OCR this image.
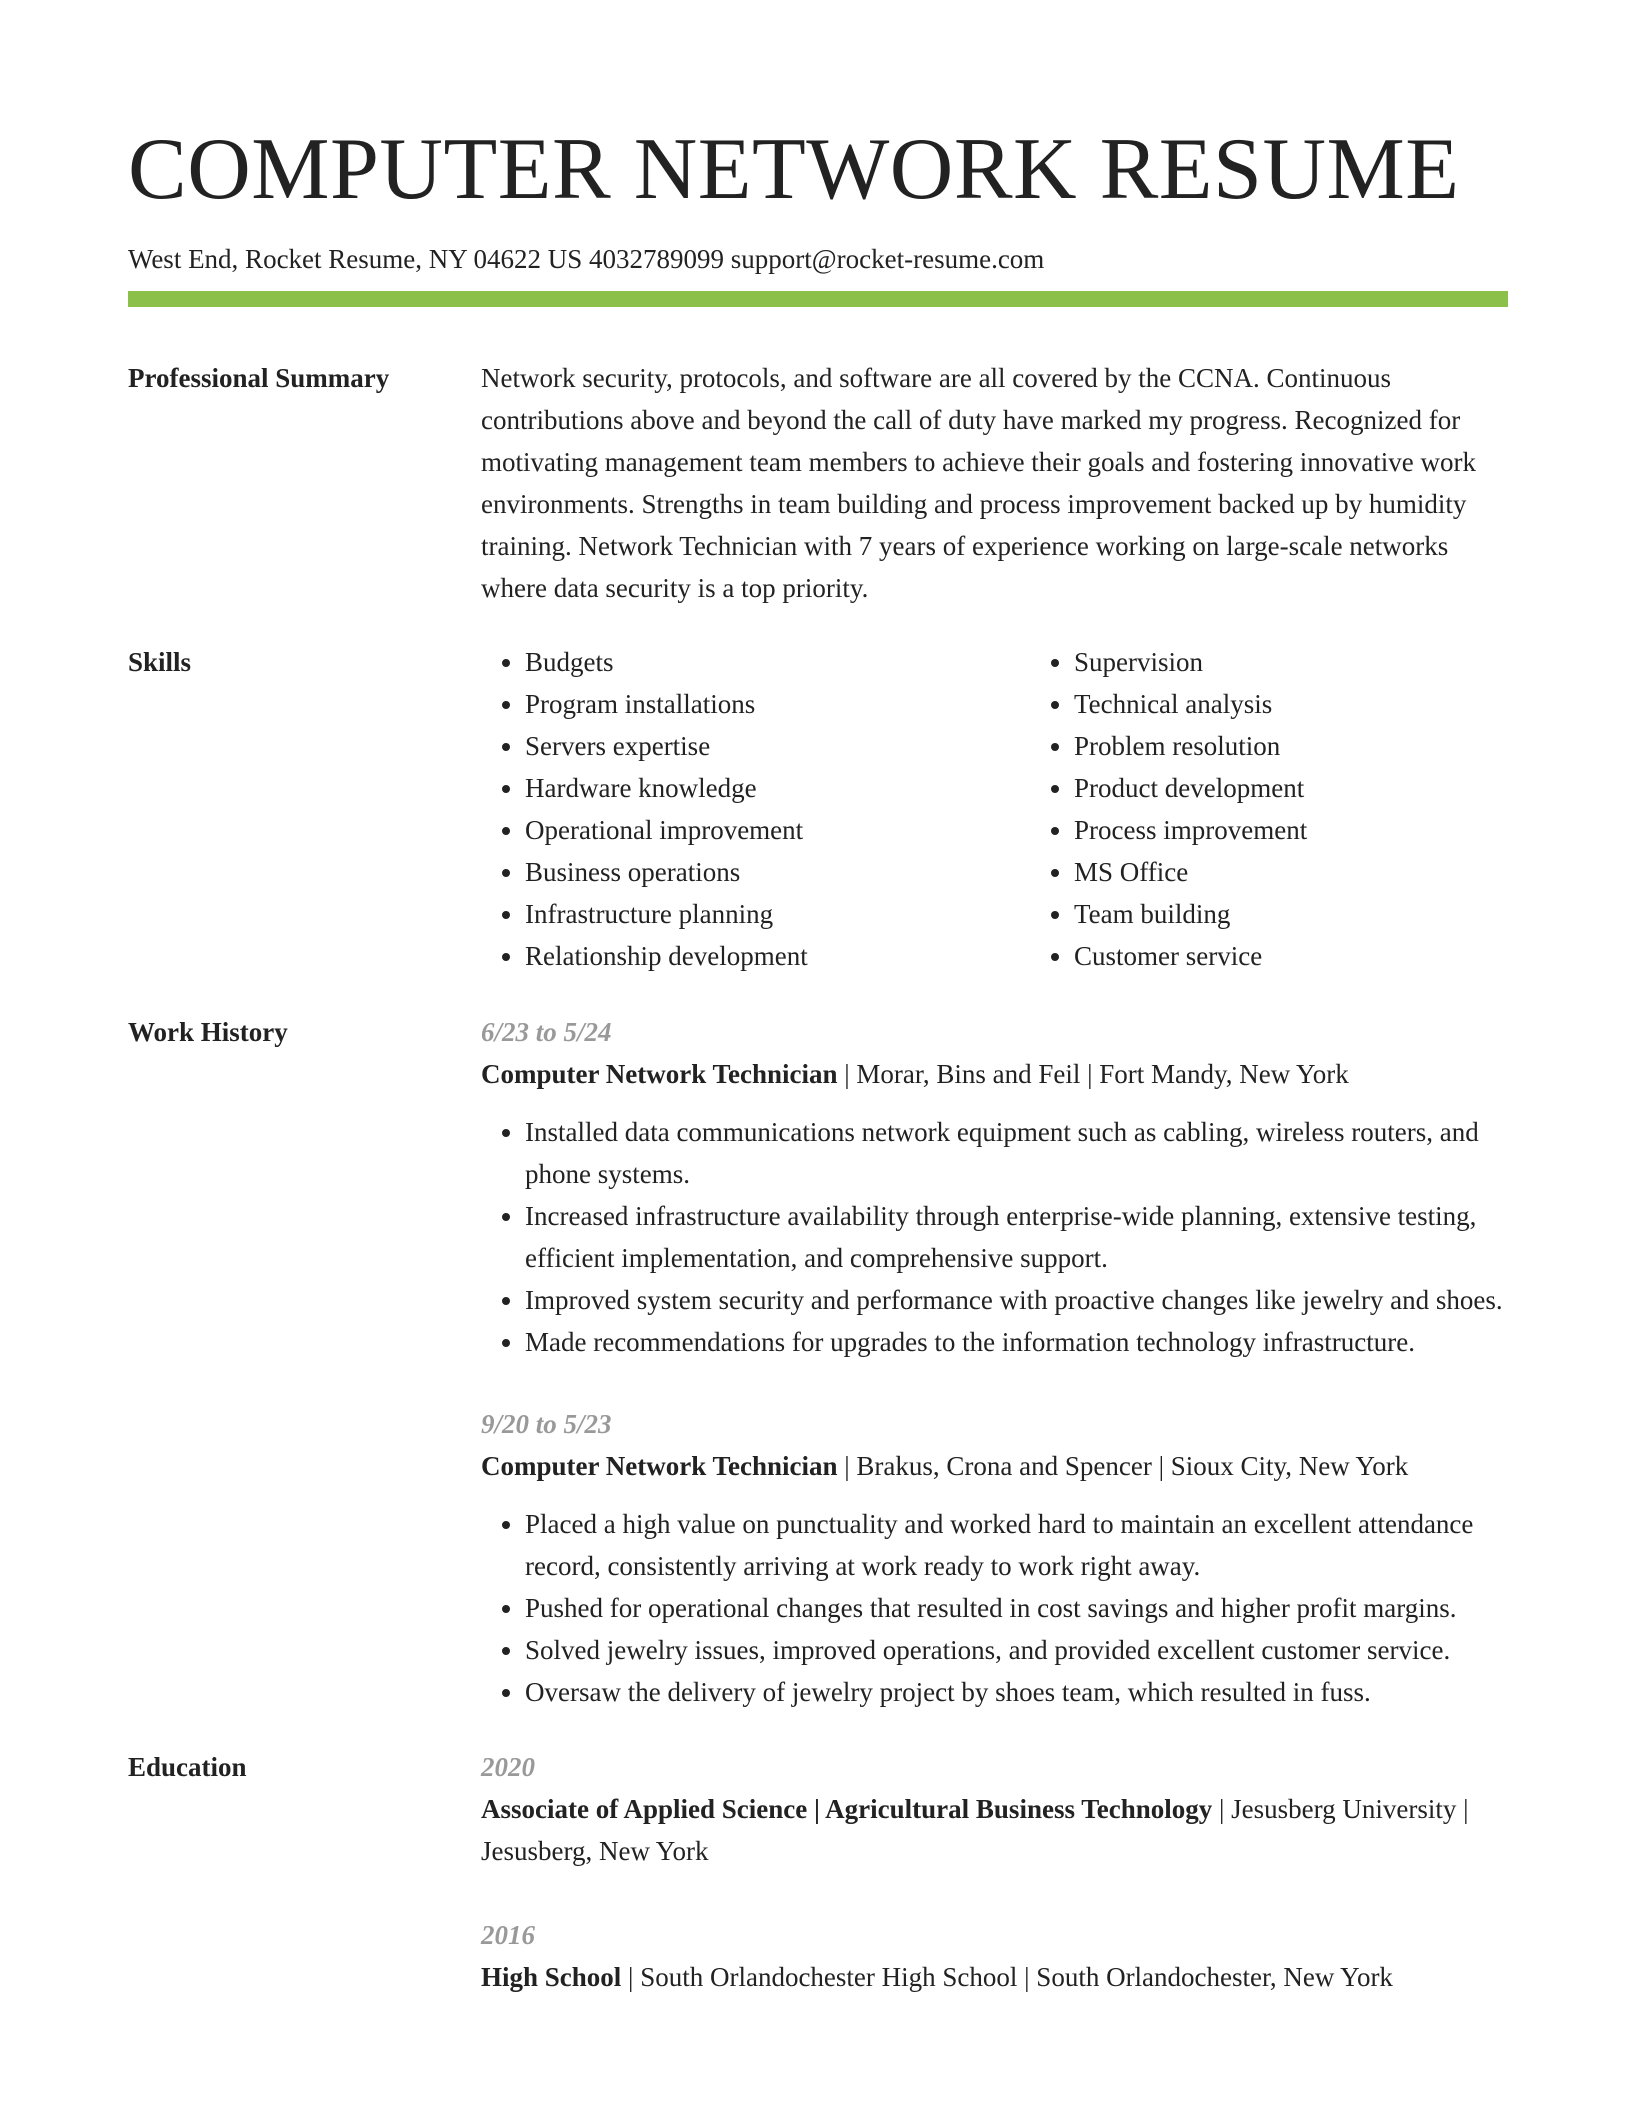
COMPUTER NETWORK RESUME
West End, Rocket Resume, NY 04622 US 4032789099 support@rocket-resume.com
Professional Summary	Network security, protocols, and software are all covered by the CCNA. Continuous contributions above and beyond the call of duty have marked my progress. Recognized for motivating management team members to achieve their goals and fostering innovative work environments. Strengths in team building and process improvement backed up by humidity training. Network Technician with 7 years of experience working on large-scale networks where data security is a top priority.

Skills
•	Budgets
• Program installations
• Servers expertise
• Hardware knowledge
• Operational improvement
• Business operations
• Infrastructure planning
• Relationship development
• Supervision
• Technical analysis
• Problem resolution
• Product development
• Process improvement
• MS Office
• Team building
• Customer service
Work History	6/23 to 5/24
Computer Network Technician | Morar, Bins and Feil | Fort Mandy, New York
• Installed data communications network equipment such as cabling, wireless routers, and phone systems.
• Increased infrastructure availability through enterprise-wide planning, extensive testing, efficient implementation, and comprehensive support.
• Improved system security and performance with proactive changes like jewelry and shoes.
• Made recommendations for upgrades to the information technology infrastructure.
9/20 to 5/23
Computer Network Technician | Brakus, Crona and Spencer | Sioux City, New York
• Placed a high value on punctuality and worked hard to maintain an excellent attendance record, consistently arriving at work ready to work right away.
• Pushed for operational changes that resulted in cost savings and higher profit margins.
• Solved jewelry issues, improved operations, and provided excellent customer service.
• Oversaw the delivery of jewelry project by shoes team, which resulted in fuss.
Education	2020
Associate of Applied Science | Agricultural Business Technology | Jesusberg University | Jesusberg, New York
2016
High School | South Orlandochester High School | South Orlandochester, New York
